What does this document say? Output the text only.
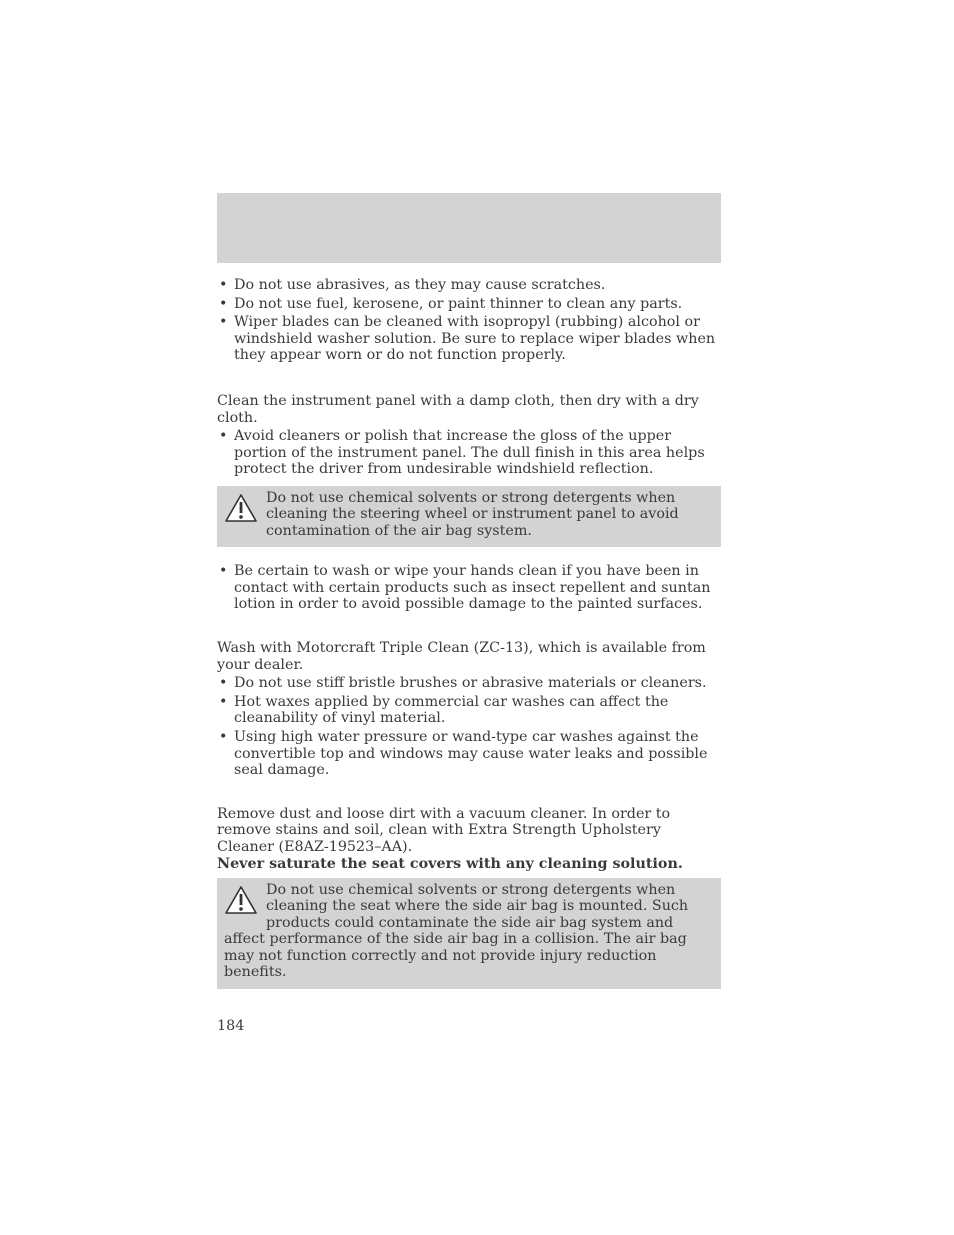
• Do not use abrasives, as they may cause scratches.
• Do not use fuel, kerosene, or paint thinner to clean any parts.
• Wiper blades can be cleaned with isopropyl (rubbing) alcohol or windshield washer solution. Be sure to replace wiper blades when they appear worn or do not function properly.

Clean the instrument panel with a damp cloth, then dry with a dry cloth.

• Avoid cleaners or polish that increase the gloss of the upper portion of the instrument panel. The dull finish in this area helps protect the driver from undesirable windshield reflection.
Do not use chemical solvents or strong detergents when cleaning the steering wheel or instrument panel to avoid contamination of the air bag system.
• Be certain to wash or wipe your hands clean if you have been in contact with certain products such as insect repellent and suntan lotion in order to avoid possible damage to the painted surfaces.

Wash with Motorcraft Triple Clean (ZC-13), which is available from your dealer.

• Do not use stiff bristle brushes or abrasive materials or cleaners.
• Hot waxes applied by commercial car washes can affect the cleanability of vinyl material.
• Using high water pressure or wand-type car washes against the convertible top and windows may cause water leaks and possible seal damage.

Remove dust and loose dirt with a vacuum cleaner. In order to remove stains and soil, clean with Extra Strength Upholstery Cleaner (E8AZ-19523–AA).

Never saturate the seat covers with any cleaning solution.

Do not use chemical solvents or strong detergents when cleaning the seat where the side air bag is mounted. Such products could contaminate the side air bag system and affect performance of the side air bag in a collision. The air bag may not function correctly and not provide injury reduction benefits.
184
